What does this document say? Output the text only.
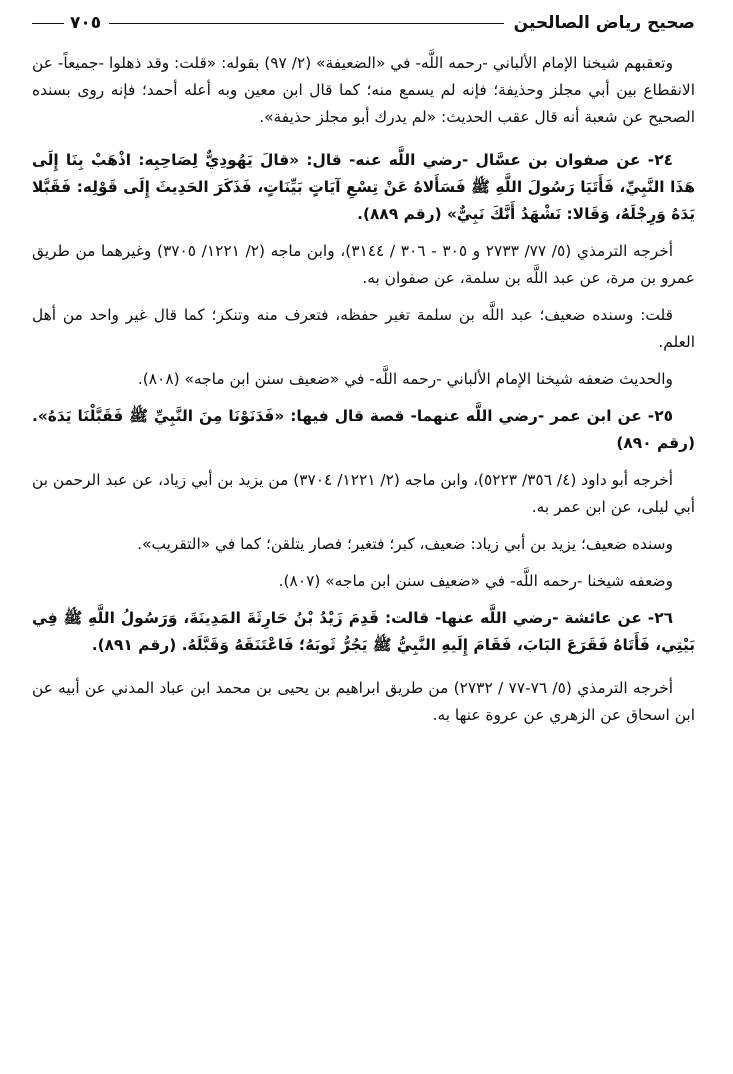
صحيح رياض الصالحين
٧٠٥

وتعقبهم شيخنا الإمام الألباني -رحمه اللَّه- في «الضعيفة» (٢/ ٩٧) بقوله: «قلت: وقد ذهلوا -جميعاً- عن الانقطاع بين أبي مجلز وحذيفة؛ فإنه لم يسمع منه؛ كما قال ابن معين وبه أعله أحمد؛ فإنه روى بسنده الصحيح عن شعبة أنه قال عقب الحديث: «لم يدرك أبو مجلز حذيفة».

٢٤- عن صفوان بن عسَّال -رضي اللَّه عنه- قال: «قالَ يَهُودِيٌّ لِصَاحِبِه: اذْهَبْ بِنَا إِلَى هَذَا النَّبِيِّ، فَأَتَيَا رَسُولَ اللَّهِ ﷺ فَسَأَلاهُ عَنْ تِسْعِ آيَاتٍ بَيِّنَاتٍ، فَذَكَرَ الحَدِيثَ إِلَى قَوْلِه: فَقَبَّلا يَدَهُ وَرِجْلَهُ، وَقَالا: نَشْهَدُ أَنَّكَ نَبِيٌّ» (رقم ٨٨٩).

أخرجه الترمذي (٥/ ٧٧/ ٢٧٣٣ و ٣٠٥ - ٣٠٦ / ٣١٤٤)، وابن ماجه (٢/ ١٢٢١/ ٣٧٠٥) وغيرهما من طريق عمرو بن مرة، عن عبد اللَّه بن سلمة، عن صفوان به.

قلت: وسنده ضعيف؛ عبد اللَّه بن سلمة تغير حفظه، فتعرف منه وتنكر؛ كما قال غير واحد من أهل العلم.

والحديث ضعفه شيخنا الإمام الألباني -رحمه اللَّه- في «ضعيف سنن ابن ماجه» (٨٠٨).

٢٥- عن ابن عمر -رضي اللَّه عنهما- قصة قال فيها: «فَدَنَوْنَا مِنَ النَّبِيِّ ﷺ فَقَبَّلْنَا يَدَهُ». (رقم ٨٩٠)

أخرجه أبو داود (٤/ ٣٥٦/ ٥٢٢٣)، وابن ماجه (٢/ ١٢٢١/ ٣٧٠٤) من يزيد بن أبي زياد، عن عبد الرحمن بن أبي ليلى، عن ابن عمر به.

وسنده ضعيف؛ يزيد بن أبي زياد: ضعيف، كبر؛ فتغير؛ فصار يتلقن؛ كما في «التقريب».

وضعفه شيخنا -رحمه اللَّه- في «ضعيف سنن ابن ماجه» (٨٠٧).

٢٦- عن عائشة -رضي اللَّه عنها- قالت: قَدِمَ زَيْدُ بْنُ حَارِثَةَ المَدِينَةَ، وَرَسُولُ اللَّهِ ﷺ فِي بَيْتِي، فَأَتَاهُ فَقَرَعَ البَابَ، فَقَامَ إِلَيهِ النَّبِيُّ ﷺ يَجُرُّ ثَوبَهُ؛ فَاعْتَنَقَهُ وَقَبَّلَهُ. (رقم ٨٩١).

أخرجه الترمذي (٥/ ٧٦-٧٧ / ٢٧٣٢) من طريق ابراهيم بن يحيى بن محمد ابن عباد المدني عن أبيه عن ابن اسحاق عن الزهري عن عروة عنها به.
